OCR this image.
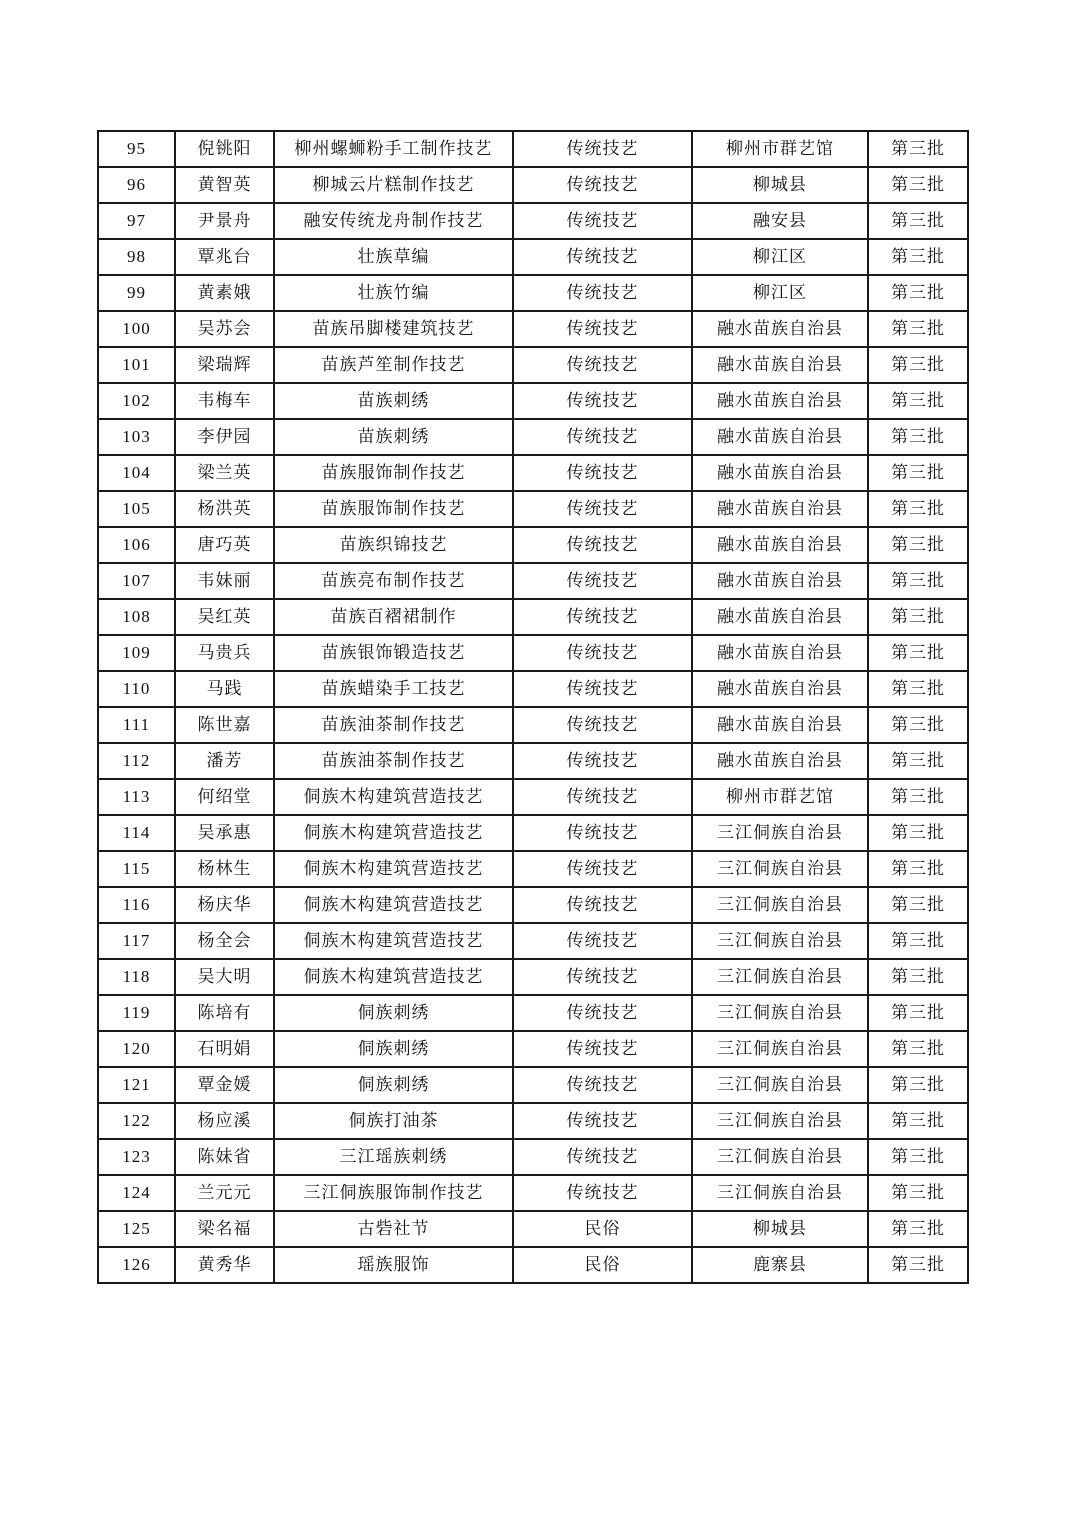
95	倪铫阳	柳州螺蛳粉手工制作技艺	传统技艺	柳州市群艺馆	第三批
96	黄智英	柳城云片糕制作技艺	传统技艺	柳城县	第三批
97	尹景舟	融安传统龙舟制作技艺	传统技艺	融安县	第三批
98	覃兆台	壮族草编	传统技艺	柳江区	第三批
99	黄素娥	壮族竹编	传统技艺	柳江区	第三批
100	吴苏会	苗族吊脚楼建筑技艺	传统技艺	融水苗族自治县	第三批
101	梁瑞辉	苗族芦笙制作技艺	传统技艺	融水苗族自治县	第三批
102	韦梅车	苗族刺绣	传统技艺	融水苗族自治县	第三批
103	李伊园	苗族刺绣	传统技艺	融水苗族自治县	第三批
104	梁兰英	苗族服饰制作技艺	传统技艺	融水苗族自治县	第三批
105	杨洪英	苗族服饰制作技艺	传统技艺	融水苗族自治县	第三批
106	唐巧英	苗族织锦技艺	传统技艺	融水苗族自治县	第三批
107	韦妹丽	苗族亮布制作技艺	传统技艺	融水苗族自治县	第三批
108	吴红英	苗族百褶裙制作	传统技艺	融水苗族自治县	第三批
109	马贵兵	苗族银饰锻造技艺	传统技艺	融水苗族自治县	第三批
110	马践	苗族蜡染手工技艺	传统技艺	融水苗族自治县	第三批
111	陈世嘉	苗族油茶制作技艺	传统技艺	融水苗族自治县	第三批
112	潘芳	苗族油茶制作技艺	传统技艺	融水苗族自治县	第三批
113	何绍堂	侗族木构建筑营造技艺	传统技艺	柳州市群艺馆	第三批
114	吴承惠	侗族木构建筑营造技艺	传统技艺	三江侗族自治县	第三批
115	杨林生	侗族木构建筑营造技艺	传统技艺	三江侗族自治县	第三批
116	杨庆华	侗族木构建筑营造技艺	传统技艺	三江侗族自治县	第三批
117	杨全会	侗族木构建筑营造技艺	传统技艺	三江侗族自治县	第三批
118	吴大明	侗族木构建筑营造技艺	传统技艺	三江侗族自治县	第三批
119	陈培有	侗族刺绣	传统技艺	三江侗族自治县	第三批
120	石明娟	侗族刺绣	传统技艺	三江侗族自治县	第三批
121	覃金媛	侗族刺绣	传统技艺	三江侗族自治县	第三批
122	杨应溪	侗族打油茶	传统技艺	三江侗族自治县	第三批
123	陈妹省	三江瑶族刺绣	传统技艺	三江侗族自治县	第三批
124	兰元元	三江侗族服饰制作技艺	传统技艺	三江侗族自治县	第三批
125	梁名福	古砦社节	民俗	柳城县	第三批
126	黄秀华	瑶族服饰	民俗	鹿寨县	第三批
